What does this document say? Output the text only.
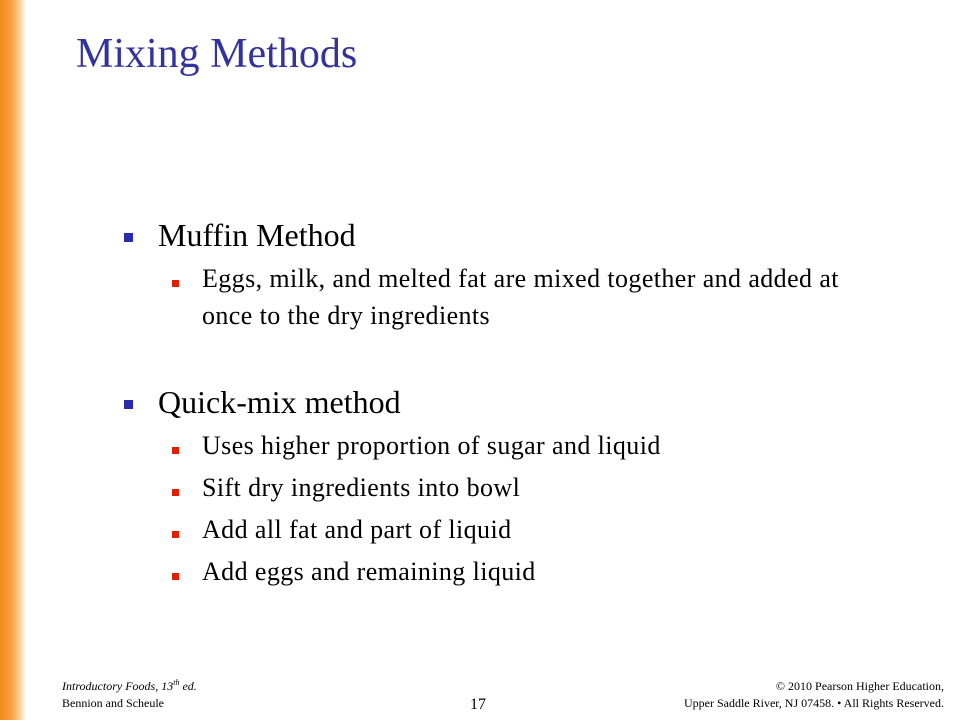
Mixing Methods
Muffin Method
Eggs, milk, and melted fat are mixed together and added at once to the dry ingredients
Quick-mix method
Uses higher proportion of sugar and liquid
Sift dry ingredients into bowl
Add all fat and part of liquid
Add eggs and remaining liquid
Introductory Foods, 13th ed.
Bennion and Scheule	17
© 2010 Pearson Higher Education,
Upper Saddle River, NJ 07458. • All Rights Reserved.
